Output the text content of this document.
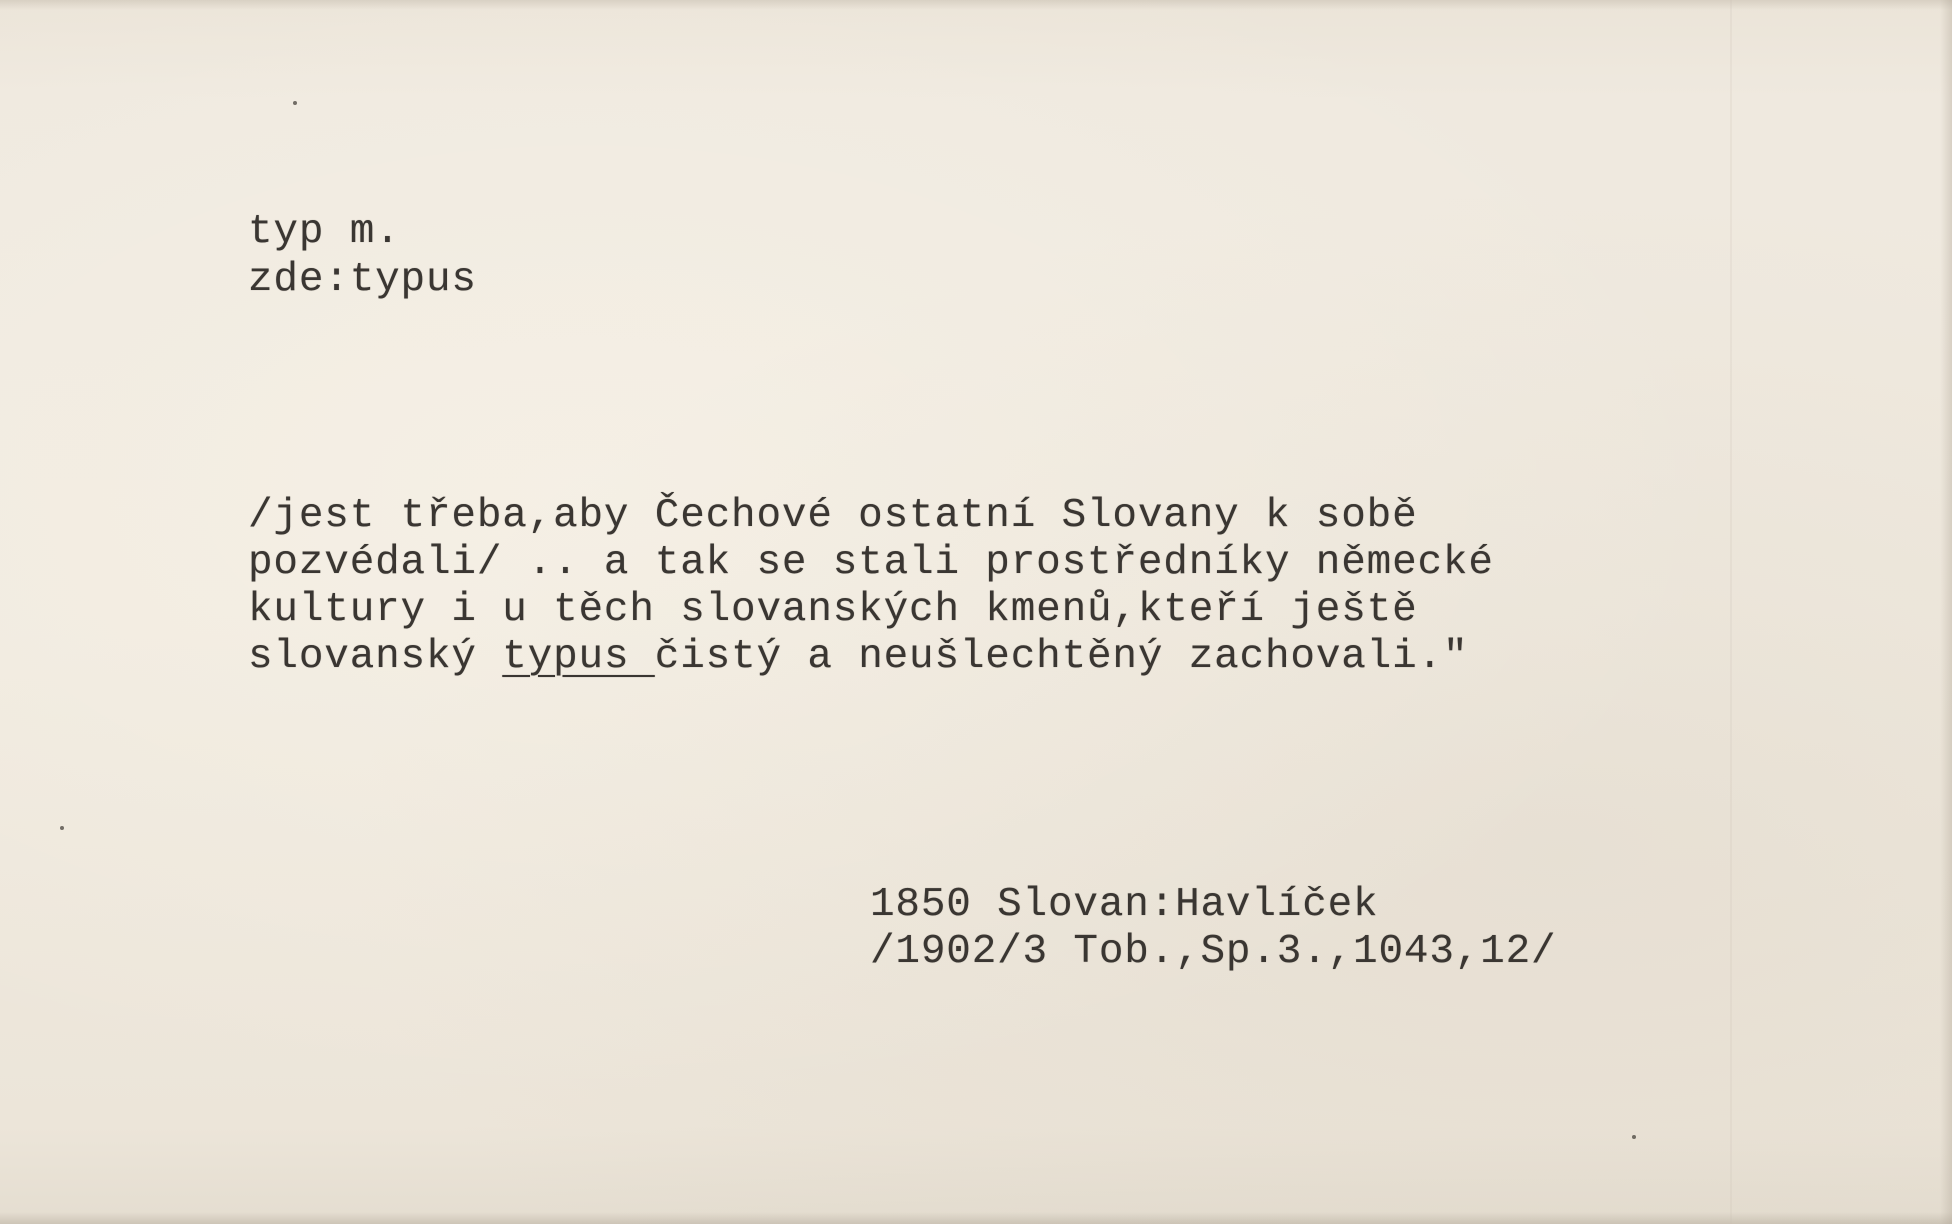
typ m.
zde:typus
/jest třeba,aby Čechové ostatní Slovany k sobě
pozvédali/ .. a tak se stali prostředníky německé
kultury i u těch slovanských kmenů,kteří ještě
slovanský typus čistý a neušlechtěný zachovali."
1850 Slovan:Havlíček
/1902/3 Tob.,Sp.3.,1043,12/
